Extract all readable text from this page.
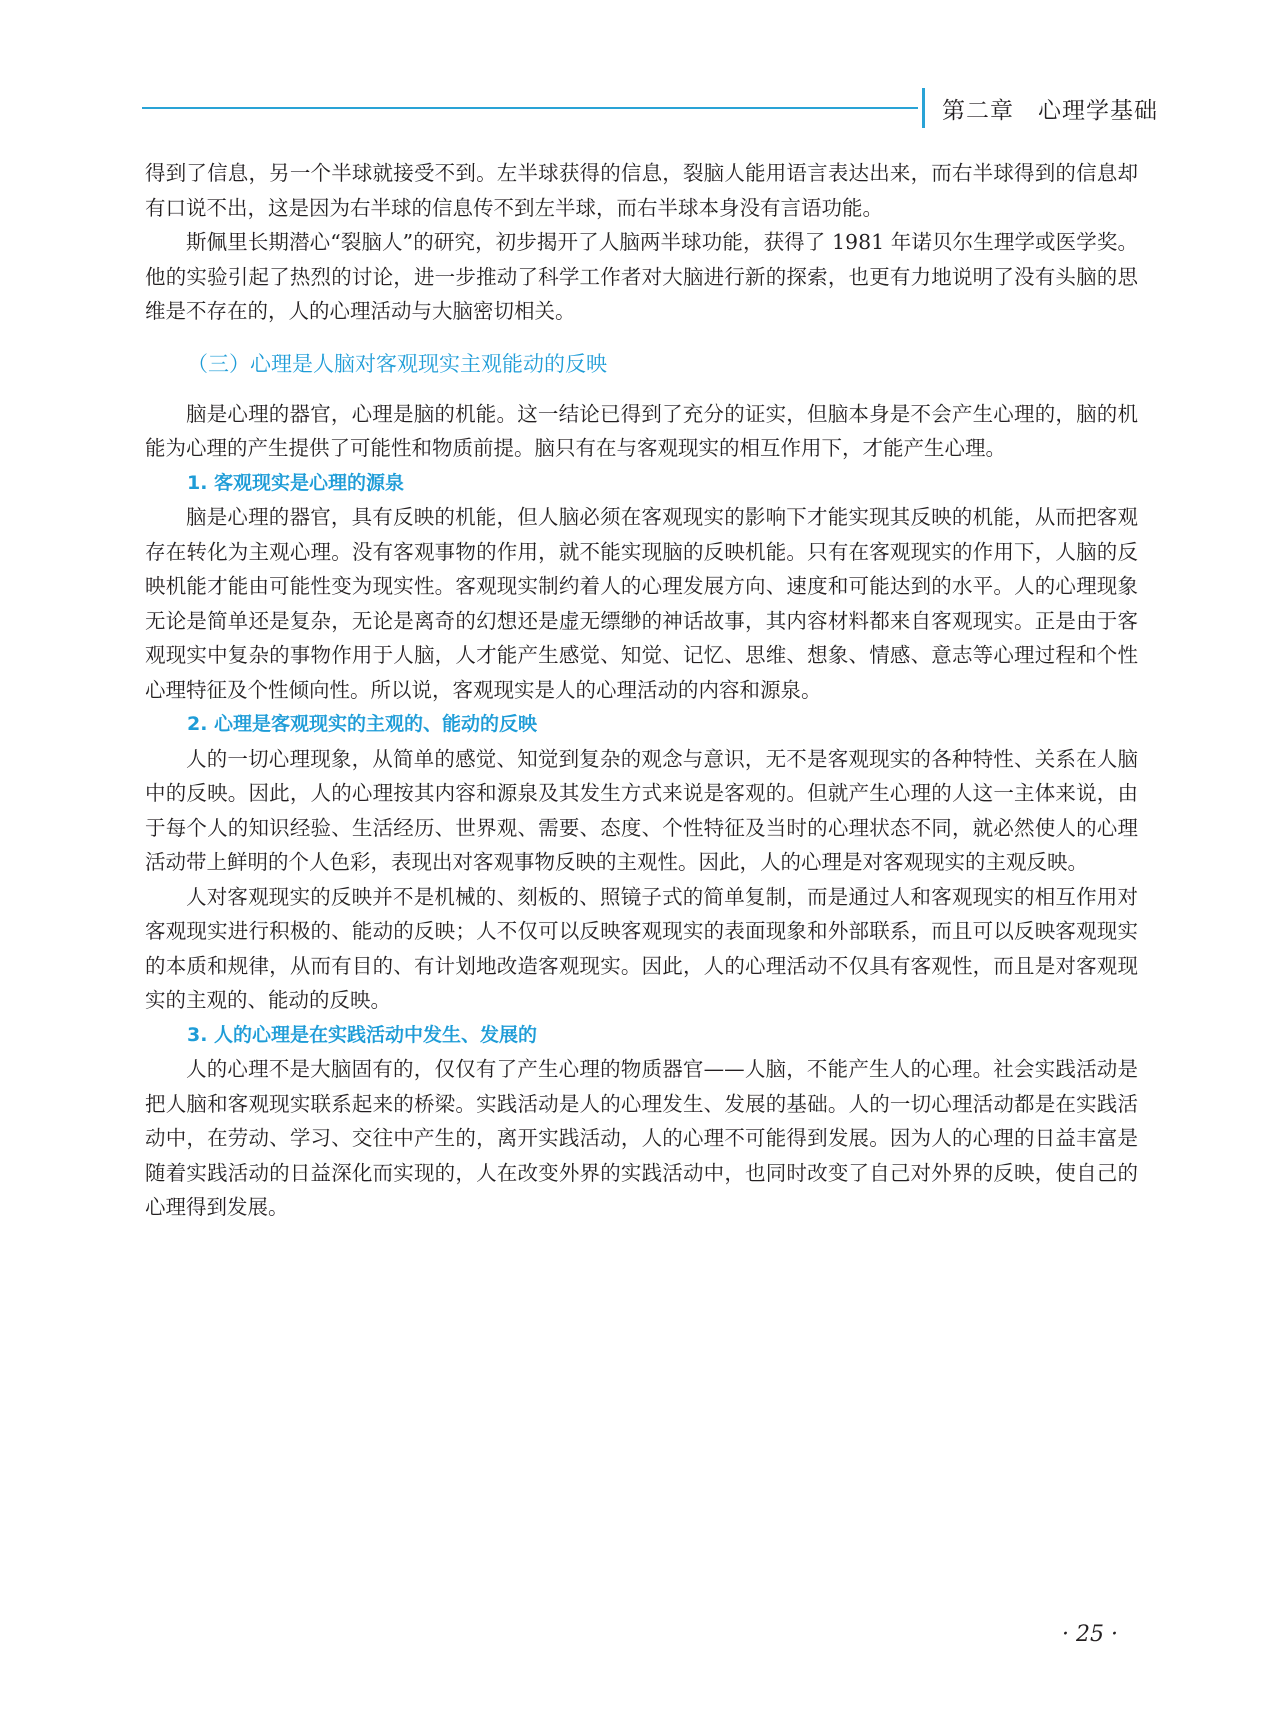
第二章　心理学基础

得到了信息，另一个半球就接受不到。左半球获得的信息，裂脑人能用语言表达出来，而右半球得到的信息却有口说不出，这是因为右半球的信息传不到左半球，而右半球本身没有言语功能。

斯佩里长期潜心“裂脑人”的研究，初步揭开了人脑两半球功能，获得了 1981 年诺贝尔生理学或医学奖。他的实验引起了热烈的讨论，进一步推动了科学工作者对大脑进行新的探索，也更有力地说明了没有头脑的思维是不存在的，人的心理活动与大脑密切相关。

（三）心理是人脑对客观现实主观能动的反映

脑是心理的器官，心理是脑的机能。这一结论已得到了充分的证实，但脑本身是不会产生心理的，脑的机能为心理的产生提供了可能性和物质前提。脑只有在与客观现实的相互作用下，才能产生心理。

1. 客观现实是心理的源泉

脑是心理的器官，具有反映的机能，但人脑必须在客观现实的影响下才能实现其反映的机能，从而把客观存在转化为主观心理。没有客观事物的作用，就不能实现脑的反映机能。只有在客观现实的作用下，人脑的反映机能才能由可能性变为现实性。客观现实制约着人的心理发展方向、速度和可能达到的水平。人的心理现象无论是简单还是复杂，无论是离奇的幻想还是虚无缥缈的神话故事，其内容材料都来自客观现实。正是由于客观现实中复杂的事物作用于人脑，人才能产生感觉、知觉、记忆、思维、想象、情感、意志等心理过程和个性心理特征及个性倾向性。所以说，客观现实是人的心理活动的内容和源泉。

2. 心理是客观现实的主观的、能动的反映

人的一切心理现象，从简单的感觉、知觉到复杂的观念与意识，无不是客观现实的各种特性、关系在人脑中的反映。因此，人的心理按其内容和源泉及其发生方式来说是客观的。但就产生心理的人这一主体来说，由于每个人的知识经验、生活经历、世界观、需要、态度、个性特征及当时的心理状态不同，就必然使人的心理活动带上鲜明的个人色彩，表现出对客观事物反映的主观性。因此，人的心理是对客观现实的主观反映。

人对客观现实的反映并不是机械的、刻板的、照镜子式的简单复制，而是通过人和客观现实的相互作用对客观现实进行积极的、能动的反映；人不仅可以反映客观现实的表面现象和外部联系，而且可以反映客观现实的本质和规律，从而有目的、有计划地改造客观现实。因此，人的心理活动不仅具有客观性，而且是对客观现实的主观的、能动的反映。

3. 人的心理是在实践活动中发生、发展的

人的心理不是大脑固有的，仅仅有了产生心理的物质器官——人脑，不能产生人的心理。社会实践活动是把人脑和客观现实联系起来的桥梁。实践活动是人的心理发生、发展的基础。人的一切心理活动都是在实践活动中，在劳动、学习、交往中产生的，离开实践活动，人的心理不可能得到发展。因为人的心理的日益丰富是随着实践活动的日益深化而实现的，人在改变外界的实践活动中，也同时改变了自己对外界的反映，使自己的心理得到发展。

· 25 ·
